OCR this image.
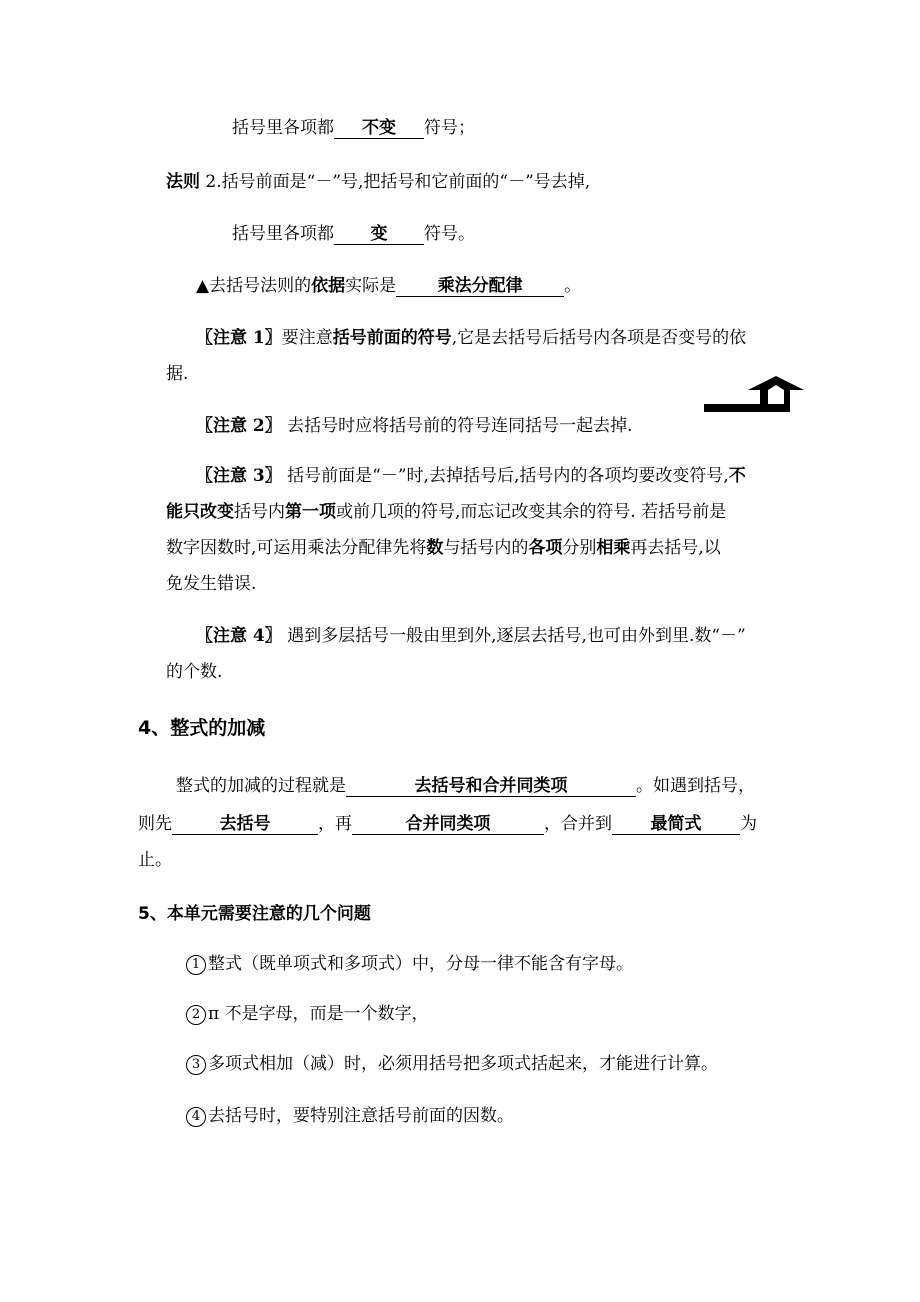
括号里各项都 不变 符号；
法则 2.括号前面是“－”号,把括号和它前面的“－”号去掉,
括号里各项都 变 符号。
▲去括号法则的依据实际是 乘法分配律 。
〖注意 1〗要注意括号前面的符号,它是去括号后括号内各项是否变号的依
据.
〖注意 2〗 去括号时应将括号前的符号连同括号一起去掉.
〖注意 3〗 括号前面是“－”时,去掉括号后,括号内的各项均要改变符号,不
能只改变括号内第一项或前几项的符号,而忘记改变其余的符号. 若括号前是
数字因数时,可运用乘法分配律先将数与括号内的各项分别相乘再去括号,以
免发生错误.
〖注意 4〗 遇到多层括号一般由里到外,逐层去括号,也可由外到里.数“－”
的个数.
4、整式的加减
整式的加减的过程就是	去括号和合并同类项	。如遇到括号，
则先	去括号	，再	合并同类项	，合并到 最简式 为
止。
5、本单元需要注意的几个问题
1 整式（既单项式和多项式）中，分母一律不能含有字母。
2 π 不是字母，而是一个数字，
3 多项式相加（减）时，必须用括号把多项式括起来，才能进行计算。
4 去括号时，要特别注意括号前面的因数。
